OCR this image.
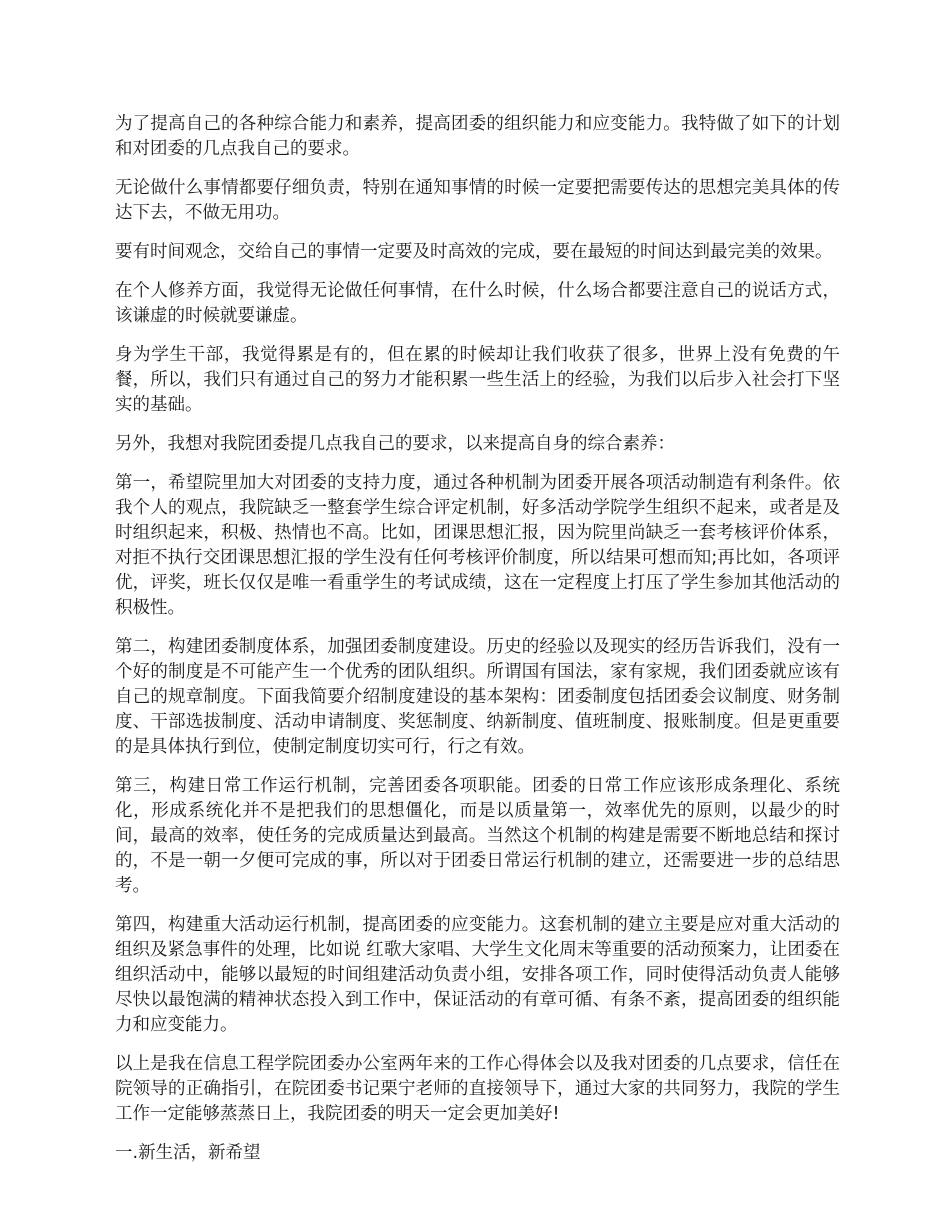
为了提高自己的各种综合能力和素养，提高团委的组织能力和应变能力。我特做了如下的计划和对团委的几点我自己的要求。

无论做什么事情都要仔细负责，特别在通知事情的时候一定要把需要传达的思想完美具体的传达下去，不做无用功。

要有时间观念，交给自己的事情一定要及时高效的完成，要在最短的时间达到最完美的效果。

在个人修养方面，我觉得无论做任何事情，在什么时候，什么场合都要注意自己的说话方式，该谦虚的时候就要谦虚。

身为学生干部，我觉得累是有的，但在累的时候却让我们收获了很多，世界上没有免费的午餐，所以，我们只有通过自己的努力才能积累一些生活上的经验，为我们以后步入社会打下坚实的基础。

另外，我想对我院团委提几点我自己的要求，以来提高自身的综合素养：

第一，希望院里加大对团委的支持力度，通过各种机制为团委开展各项活动制造有利条件。依我个人的观点，我院缺乏一整套学生综合评定机制，好多活动学院学生组织不起来，或者是及时组织起来，积极、热情也不高。比如，团课思想汇报，因为院里尚缺乏一套考核评价体系，对拒不执行交团课思想汇报的学生没有任何考核评价制度，所以结果可想而知;再比如，各项评优，评奖，班长仅仅是唯一看重学生的考试成绩，这在一定程度上打压了学生参加其他活动的积极性。

第二，构建团委制度体系，加强团委制度建设。历史的经验以及现实的经历告诉我们，没有一个好的制度是不可能产生一个优秀的团队组织。所谓国有国法，家有家规，我们团委就应该有自己的规章制度。下面我简要介绍制度建设的基本架构：团委制度包括团委会议制度、财务制度、干部选拔制度、活动申请制度、奖惩制度、纳新制度、值班制度、报账制度。但是更重要的是具体执行到位，使制定制度切实可行，行之有效。

第三，构建日常工作运行机制，完善团委各项职能。团委的日常工作应该形成条理化、系统化，形成系统化并不是把我们的思想僵化，而是以质量第一，效率优先的原则，以最少的时间，最高的效率，使任务的完成质量达到最高。当然这个机制的构建是需要不断地总结和探讨的，不是一朝一夕便可完成的事，所以对于团委日常运行机制的建立，还需要进一步的总结思考。

第四，构建重大活动运行机制，提高团委的应变能力。这套机制的建立主要是应对重大活动的组织及紧急事件的处理，比如说 红歌大家唱、大学生文化周末等重要的活动预案力，让团委在组织活动中，能够以最短的时间组建活动负责小组，安排各项工作，同时使得活动负责人能够尽快以最饱满的精神状态投入到工作中，保证活动的有章可循、有条不紊，提高团委的组织能力和应变能力。

以上是我在信息工程学院团委办公室两年来的工作心得体会以及我对团委的几点要求，信任在院领导的正确指引，在院团委书记栗宁老师的直接领导下，通过大家的共同努力，我院的学生工作一定能够蒸蒸日上，我院团委的明天一定会更加美好!

一.新生活，新希望
